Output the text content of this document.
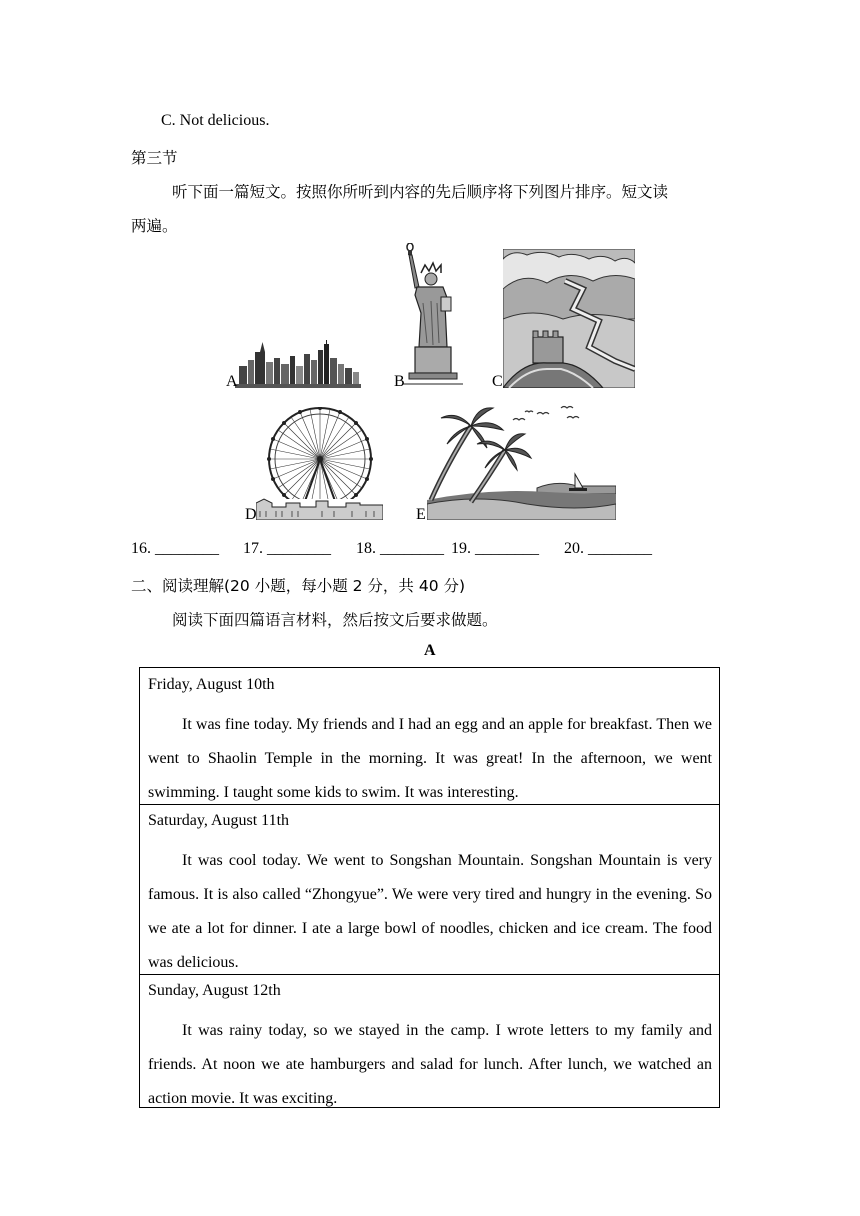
C. Not delicious.
第三节
听下面一篇短文。按照你所听到内容的先后顺序将下列图片排序。短文读
两遍。
A	B	C
D	E
16. ________ 17. ________ 18. ________ 19. ________ 20. ________
二、阅读理解(20 小题，每小题 2 分，共 40 分)
阅读下面四篇语言材料，然后按文后要求做题。
A
Friday, August 10th
It was fine today. My friends and I had an egg and an apple for breakfast. Then we went to Shaolin Temple in the morning. It was great! In the afternoon, we went swimming. I taught some kids to swim. It was interesting.
Saturday, August 11th
It was cool today. We went to Songshan Mountain. Songshan Mountain is very famous. It is also called “Zhongyue”. We were very tired and hungry in the evening. So we ate a lot for dinner. I ate a large bowl of noodles, chicken and ice cream. The food was delicious.
Sunday, August 12th
It was rainy today, so we stayed in the camp. I wrote letters to my family and friends. At noon we ate hamburgers and salad for lunch. After lunch, we watched an action movie. It was exciting.
